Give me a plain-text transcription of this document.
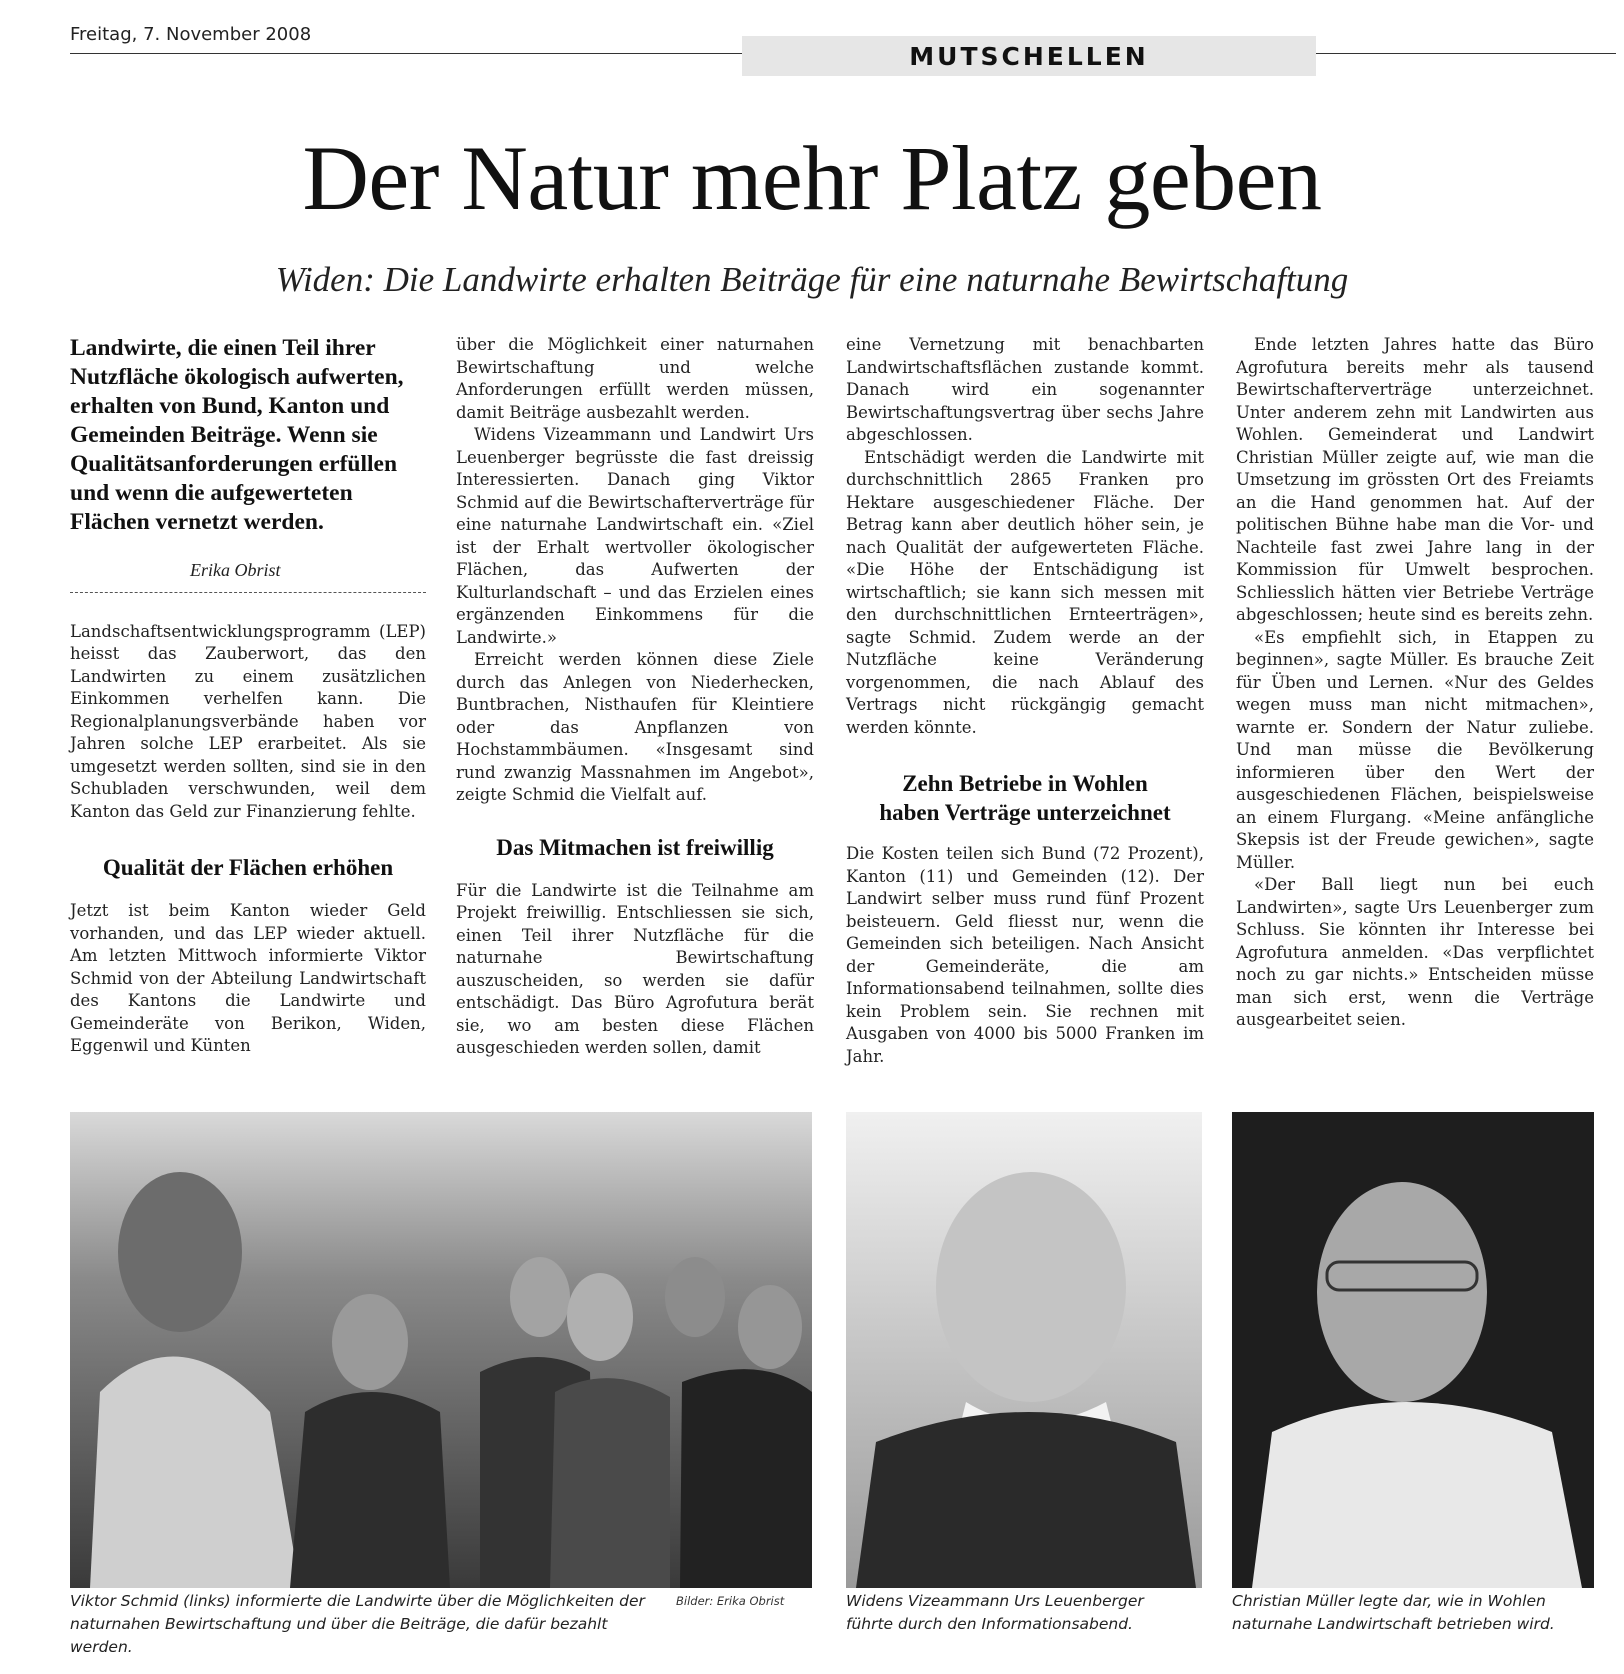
Freitag, 7. November 2008
MUTSCHELLEN
Der Natur mehr Platz geben
Widen: Die Landwirte erhalten Beiträge für eine naturnahe Bewirtschaftung
Landwirte, die einen Teil ihrer Nutzfläche ökologisch aufwerten, erhalten von Bund, Kanton und Gemeinden Beiträge. Wenn sie Qualitätsanforderungen erfüllen und wenn die aufgewerteten Flächen vernetzt werden.
Erika Obrist

Landschaftsentwicklungsprogramm (LEP) heisst das Zauberwort, das den Landwirten zu einem zusätzlichen Einkommen verhelfen kann. Die Regionalplanungsverbände haben vor Jahren solche LEP erarbeitet. Als sie umgesetzt werden sollten, sind sie in den Schubladen verschwunden, weil dem Kanton das Geld zur Finanzierung fehlte.

Qualität der Flächen erhöhen

Jetzt ist beim Kanton wieder Geld vorhanden, und das LEP wieder aktuell. Am letzten Mittwoch informierte Viktor Schmid von der Abteilung Landwirtschaft des Kantons die Landwirte und Gemeinderäte von Berikon, Widen, Eggenwil und Künten

über die Möglichkeit einer naturnahen Bewirtschaftung und welche Anforderungen erfüllt werden müssen, damit Beiträge ausbezahlt werden.

Widens Vizeammann und Landwirt Urs Leuenberger begrüsste die fast dreissig Interessierten. Danach ging Viktor Schmid auf die Bewirtschafterverträge für eine naturnahe Landwirtschaft ein. «Ziel ist der Erhalt wertvoller ökologischer Flächen, das Aufwerten der Kulturlandschaft – und das Erzielen eines ergänzenden Einkommens für die Landwirte.»

Erreicht werden können diese Ziele durch das Anlegen von Niederhecken, Buntbrachen, Nisthaufen für Kleintiere oder das Anpflanzen von Hochstammbäumen. «Insgesamt sind rund zwanzig Massnahmen im Angebot», zeigte Schmid die Vielfalt auf.

Das Mitmachen ist freiwillig

Für die Landwirte ist die Teilnahme am Projekt freiwillig. Entschliessen sie sich, einen Teil ihrer Nutzfläche für die naturnahe Bewirtschaftung auszuscheiden, so werden sie dafür entschädigt. Das Büro Agrofutura berät sie, wo am besten diese Flächen ausgeschieden werden sollen, damit

eine Vernetzung mit benachbarten Landwirtschaftsflächen zustande kommt. Danach wird ein sogenannter Bewirtschaftungsvertrag über sechs Jahre abgeschlossen.

Entschädigt werden die Landwirte mit durchschnittlich 2865 Franken pro Hektare ausgeschiedener Fläche. Der Betrag kann aber deutlich höher sein, je nach Qualität der aufgewerteten Fläche. «Die Höhe der Entschädigung ist wirtschaftlich; sie kann sich messen mit den durchschnittlichen Ernteerträgen», sagte Schmid. Zudem werde an der Nutzfläche keine Veränderung vorgenommen, die nach Ablauf des Vertrags nicht rückgängig gemacht werden könnte.

Zehn Betriebe in Wohlen
haben Verträge unterzeichnet

Die Kosten teilen sich Bund (72 Prozent), Kanton (11) und Gemeinden (12). Der Landwirt selber muss rund fünf Prozent beisteuern. Geld fliesst nur, wenn die Gemeinden sich beteiligen. Nach Ansicht der Gemeinderäte, die am Informationsabend teilnahmen, sollte dies kein Problem sein. Sie rechnen mit Ausgaben von 4000 bis 5000 Franken im Jahr.

Ende letzten Jahres hatte das Büro Agrofutura bereits mehr als tausend Bewirtschafterverträge unterzeichnet. Unter anderem zehn mit Landwirten aus Wohlen. Gemeinderat und Landwirt Christian Müller zeigte auf, wie man die Umsetzung im grössten Ort des Freiamts an die Hand genommen hat. Auf der politischen Bühne habe man die Vor- und Nachteile fast zwei Jahre lang in der Kommission für Umwelt besprochen. Schliesslich hätten vier Betriebe Verträge abgeschlossen; heute sind es bereits zehn.

«Es empfiehlt sich, in Etappen zu beginnen», sagte Müller. Es brauche Zeit für Üben und Lernen. «Nur des Geldes wegen muss man nicht mitmachen», warnte er. Sondern der Natur zuliebe. Und man müsse die Bevölkerung informieren über den Wert der ausgeschiedenen Flächen, beispielsweise an einem Flurgang. «Meine anfängliche Skepsis ist der Freude gewichen», sagte Müller.

«Der Ball liegt nun bei euch Landwirten», sagte Urs Leuenberger zum Schluss. Sie könnten ihr Interesse bei Agrofutura anmelden. «Das verpflichtet noch zu gar nichts.» Entscheiden müsse man sich erst, wenn die Verträge ausgearbeitet seien.

Bilder: Erika Obrist
Viktor Schmid (links) informierte die Landwirte über die Möglichkeiten der naturnahen Bewirtschaftung und über die Beiträge, die dafür bezahlt werden.
Widens Vizeammann Urs Leuenberger führte durch den Informationsabend.
Christian Müller legte dar, wie in Wohlen naturnahe Landwirtschaft betrieben wird.
